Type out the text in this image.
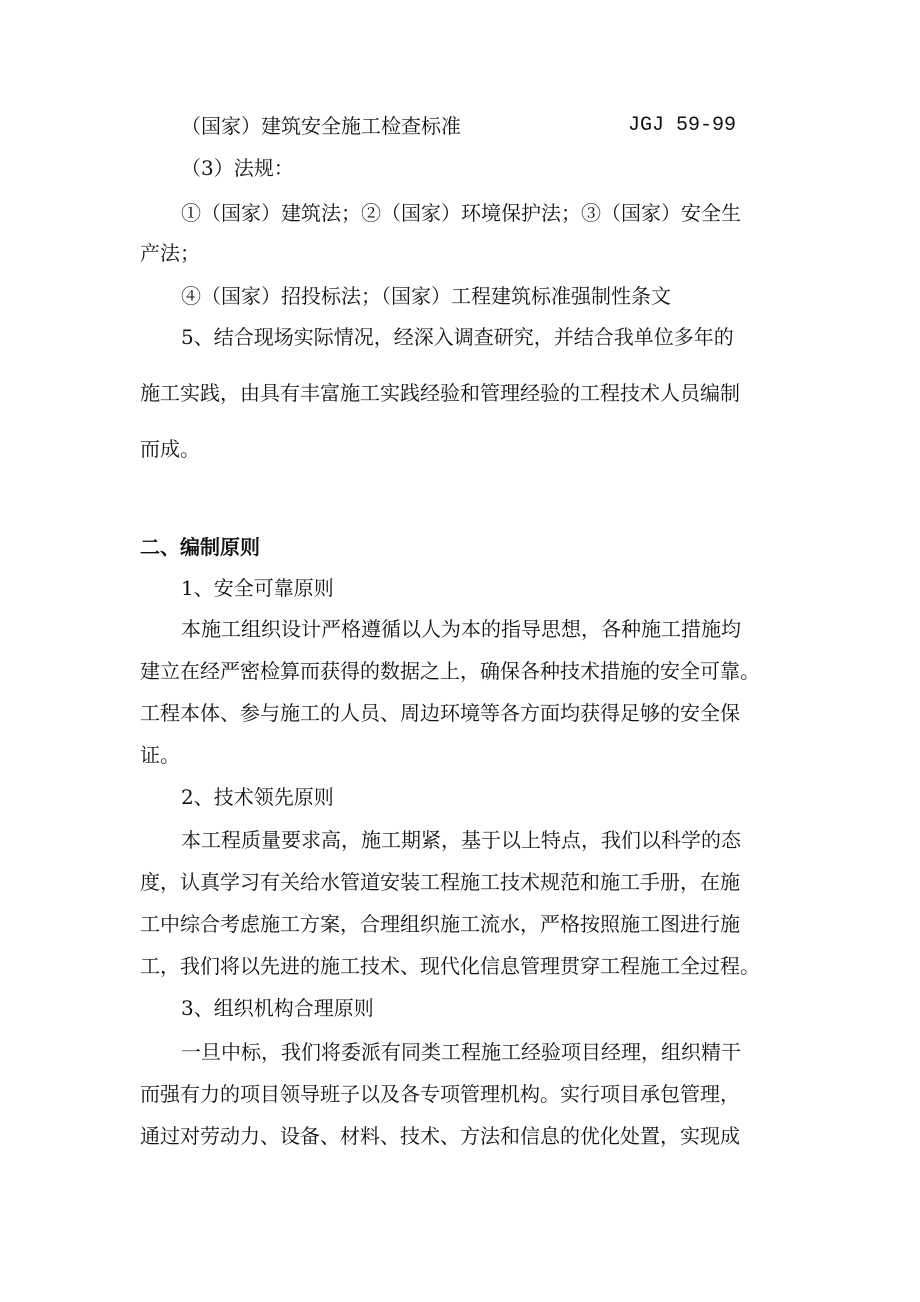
（国家）建筑安全施工检查标准	JGJ 59-99
（3）法规：
①（国家）建筑法；②（国家）环境保护法；③（国家）安全生
产法；
④（国家）招投标法；（国家）工程建筑标准强制性条文
5、结合现场实际情况，经深入调查研究，并结合我单位多年的
施工实践，由具有丰富施工实践经验和管理经验的工程技术人员编制
而成。
二、编制原则
1、安全可靠原则
本施工组织设计严格遵循以人为本的指导思想，各种施工措施均
建立在经严密检算而获得的数据之上，确保各种技术措施的安全可靠。
工程本体、参与施工的人员、周边环境等各方面均获得足够的安全保
证。
2、技术领先原则
本工程质量要求高，施工期紧，基于以上特点，我们以科学的态
度，认真学习有关给水管道安装工程施工技术规范和施工手册，在施
工中综合考虑施工方案，合理组织施工流水，严格按照施工图进行施
工，我们将以先进的施工技术、现代化信息管理贯穿工程施工全过程。
3、组织机构合理原则
一旦中标，我们将委派有同类工程施工经验项目经理，组织精干
而强有力的项目领导班子以及各专项管理机构。实行项目承包管理，
通过对劳动力、设备、材料、技术、方法和信息的优化处置，实现成
